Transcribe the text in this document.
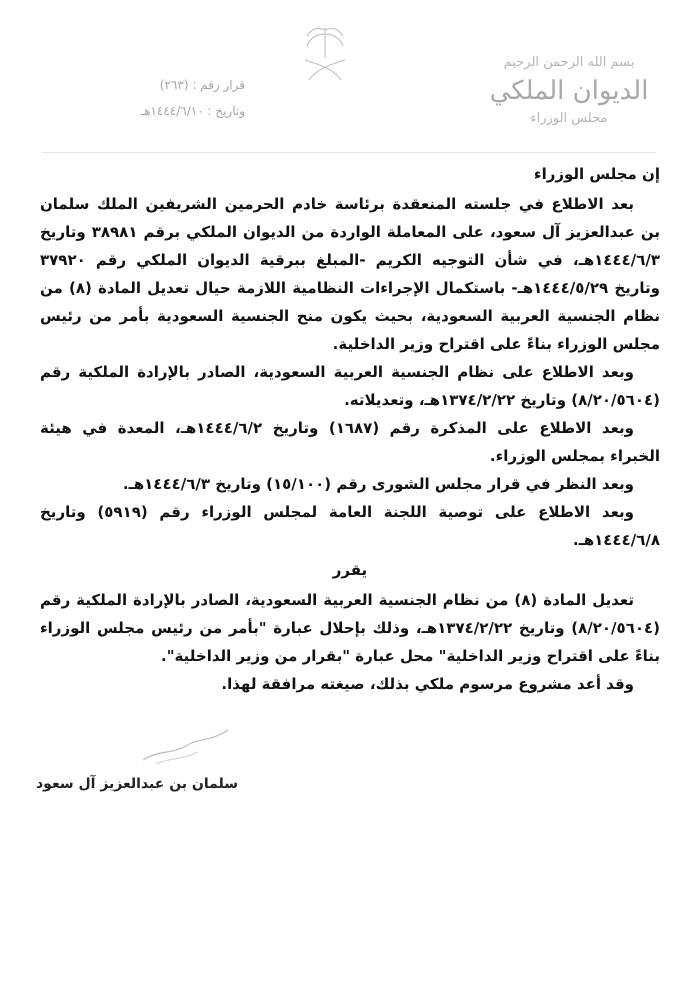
بسم الله الرحمن الرحيم
الديوان الملكي
مجلس الوزراء
قرار رقم : (٢٦٣)
وتاريخ : ١٤٤٤/٦/١٠هـ

إن مجلس الوزراء

بعد الاطلاع في جلسته المنعقدة برئاسة خادم الحرمين الشريفين الملك سلمان بن عبدالعزيز آل سعود، على المعاملة الواردة من الديوان الملكي برقم ٣٨٩٨١ وتاريخ ١٤٤٤/٦/٣هـ، في شأن التوجيه الكريم -المبلغ ببرقية الديوان الملكي رقم ٣٧٩٢٠ وتاريخ ١٤٤٤/٥/٢٩هـ- باستكمال الإجراءات النظامية اللازمة حيال تعديل المادة (٨) من نظام الجنسية العربية السعودية، بحيث يكون منح الجنسية السعودية بأمر من رئيس مجلس الوزراء بناءً على اقتراح وزير الداخلية.

وبعد الاطلاع على نظام الجنسية العربية السعودية، الصادر بالإرادة الملكية رقم (٨/٢٠/٥٦٠٤) وتاريخ ١٣٧٤/٢/٢٢هـ، وتعديلاته.

وبعد الاطلاع على المذكرة رقم (١٦٨٧) وتاريخ ١٤٤٤/٦/٢هـ، المعدة في هيئة الخبراء بمجلس الوزراء.

وبعد النظر في قرار مجلس الشورى رقم (١٥/١٠٠) وتاريخ ١٤٤٤/٦/٣هـ.

وبعد الاطلاع على توصية اللجنة العامة لمجلس الوزراء رقم (٥٩١٩) وتاريخ ١٤٤٤/٦/٨هـ.

يقرر

تعديل المادة (٨) من نظام الجنسية العربية السعودية، الصادر بالإرادة الملكية رقم (٨/٢٠/٥٦٠٤) وتاريخ ١٣٧٤/٢/٢٢هـ، وذلك بإحلال عبارة "بأمر من رئيس مجلس الوزراء بناءً على اقتراح وزير الداخلية" محل عبارة "بقرار من وزير الداخلية".

وقد أعد مشروع مرسوم ملكي بذلك، صيغته مرافقة لهذا.

سلمان بن عبدالعزيز آل سعود
